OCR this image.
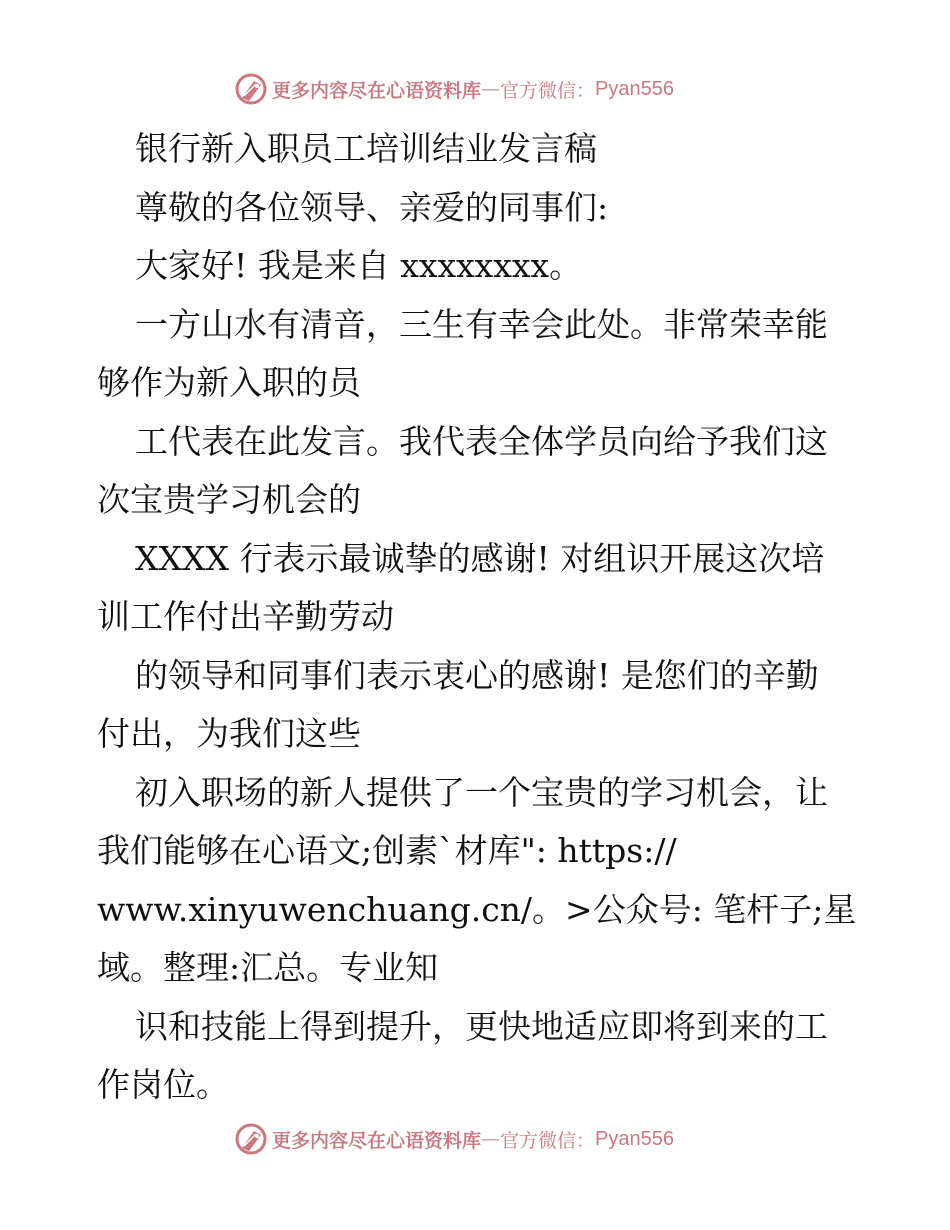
更多内容尽在心语资料库 — 官方微信： Pyan556
银行新入职员工培训结业发言稿
尊敬的各位领导、亲爱的同事们:
大家好! 我是来自 xxxxxxxx。
一方山水有清音，三生有幸会此处。非常荣幸能
够作为新入职的员
工代表在此发言。我代表全体学员向给予我们这
次宝贵学习机会的
XXXX 行表示最诚挚的感谢! 对组识开展这次培
训工作付出辛勤劳动
的领导和同事们表示衷心的感谢! 是您们的辛勤
付出，为我们这些
初入职场的新人提供了一个宝贵的学习机会，让
我们能够在心语文;创素`材库": https://
www.xinyuwenchuang.cn/。>公众号: 笔杆子;星
域。整理:汇总。专业知
识和技能上得到提升，更快地适应即将到来的工
作岗位。
更多内容尽在心语资料库 — 官方微信： Pyan556
